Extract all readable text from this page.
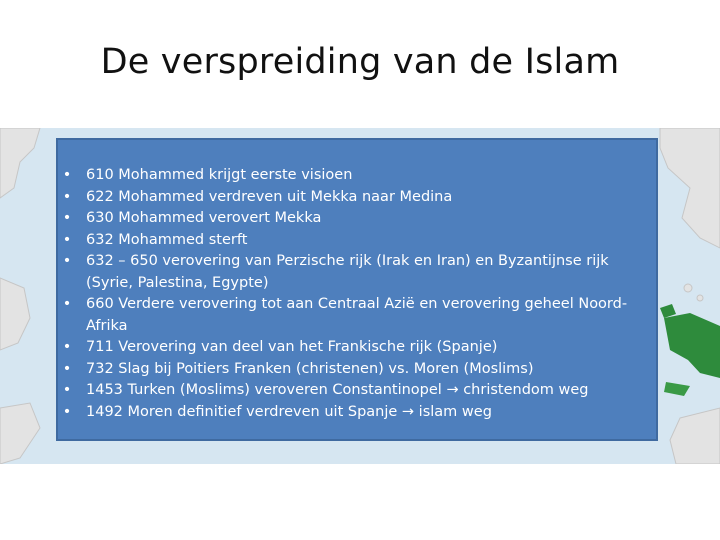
De verspreiding van de Islam
• 610 Mohammed krijgt eerste visioen
• 622 Mohammed verdreven uit Mekka naar Medina
• 630 Mohammed verovert Mekka
• 632 Mohammed sterft
• 632 – 650 verovering van Perzische rijk (Irak en Iran) en Byzantijnse rijk (Syrie, Palestina, Egypte)
• 660 Verdere verovering tot aan Centraal Azië en verovering geheel Noord-Afrika
• 711 Verovering van deel van het Frankische rijk (Spanje)
• 732 Slag bij Poitiers Franken (christenen) vs. Moren (Moslims)
• 1453 Turken (Moslims) veroveren Constantinopel → christendom weg
• 1492 Moren definitief verdreven uit Spanje → islam weg
